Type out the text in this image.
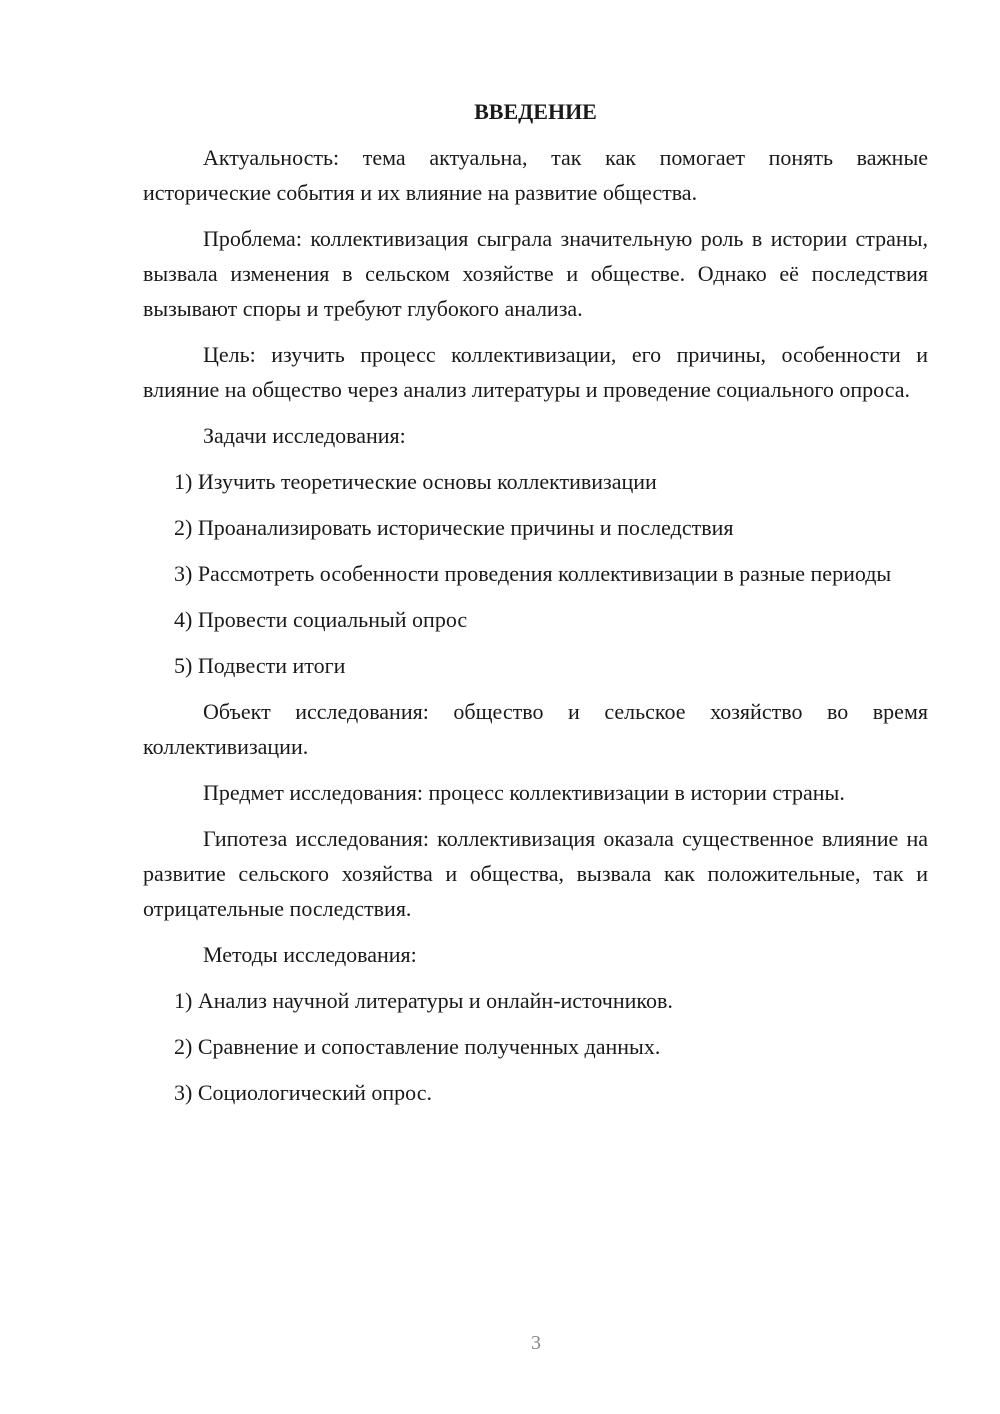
ВВЕДЕНИЕ

Актуальность: тема актуальна, так как помогает понять важные исторические события и их влияние на развитие общества.

Проблема: коллективизация сыграла значительную роль в истории страны, вызвала изменения в сельском хозяйстве и обществе. Однако её последствия вызывают споры и требуют глубокого анализа.

Цель: изучить процесс коллективизации, его причины, особенности и влияние на общество через анализ литературы и проведение социального опроса.

Задачи исследования:

1) Изучить теоретические основы коллективизации

2) Проанализировать исторические причины и последствия

3) Рассмотреть особенности проведения коллективизации в разные периоды

4) Провести социальный опрос

5) Подвести итоги

Объект исследования: общество и сельское хозяйство во время коллективизации.

Предмет исследования: процесс коллективизации в истории страны.

Гипотеза исследования: коллективизация оказала существенное влияние на развитие сельского хозяйства и общества, вызвала как положительные, так и отрицательные последствия.

Методы исследования:

1) Анализ научной литературы и онлайн-источников.

2) Сравнение и сопоставление полученных данных.

3) Социологический опрос.

3
